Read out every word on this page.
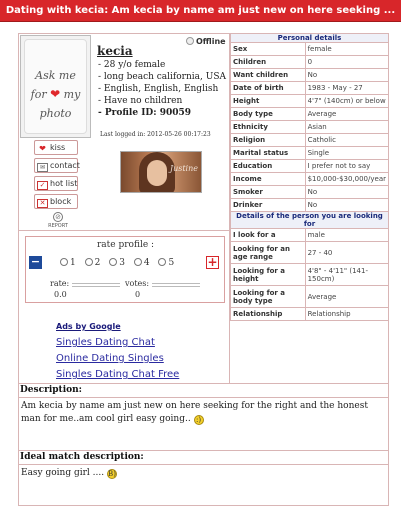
Dating with kecia: Am kecia by name am just new on here seeking ...
Ask me
for ❤ my
photo
❤ kiss
✉ contact
✓ hot list
✕ block
⊘
REPORT
Offline
kecia
- 28 y/o female
- long beach california, USA
- English, English, English
- Have no children
- Profile ID: 90059
Last logged in: 2012-05-26 00:17:23
Justine
rate profile :
−	+
1 2 3 4 5
rate:
0.0
votes:
0
Ads by Google
Singles Dating Chat
Online Dating Singles
Singles Dating Chat Free
Personal details	
Sex	female
Children	0
Want children	No
Date of birth	1983 - May - 27
Height	4'7" (140cm) or below
Body type	Average
Ethnicity	Asian
Religion	Catholic
Marital status	Single
Education	I prefer not to say
Income	$10,000-$30,000/year
Smoker	No
Drinker	No
Details of the person you are looking for	
I look for a	male
Looking for an age range	27 - 40
Looking for a height	4'8" - 4'11" (141-150cm)
Looking for a body type	Average
Relationship	Relationship
Description:
Am kecia by name am just new on here seeking for the right and the honest man for me..am cool girl easy going.. :)
Ideal match description:
Easy going girl .... B)
